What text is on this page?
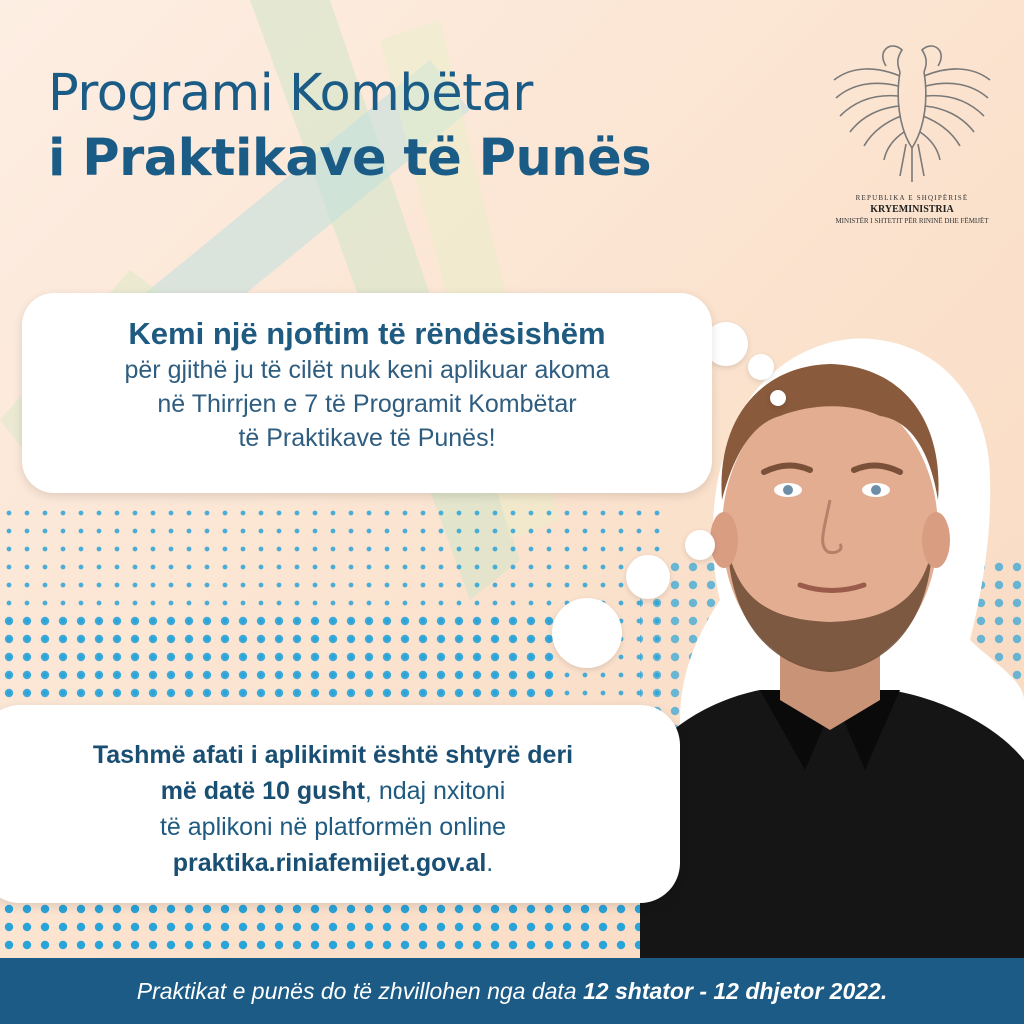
Programi Kombëtar
i Praktikave të Punës
REPUBLIKA E SHQIPËRISË
KRYEMINISTRIA
MINISTËR I SHTETIT PËR RININË DHE FËMIJËT
Kemi një njoftim të rëndësishëm
për gjithë ju të cilët nuk keni aplikuar akoma
në Thirrjen e 7 të Programit Kombëtar
të Praktikave të Punës!
Tashmë afati i aplikimit është shtyrë deri
më datë 10 gusht, ndaj nxitoni
të aplikoni në platformën online
praktika.riniafemijet.gov.al.
Praktikat e punës do të zhvillohen nga data 12 shtator - 12 dhjetor 2022.
